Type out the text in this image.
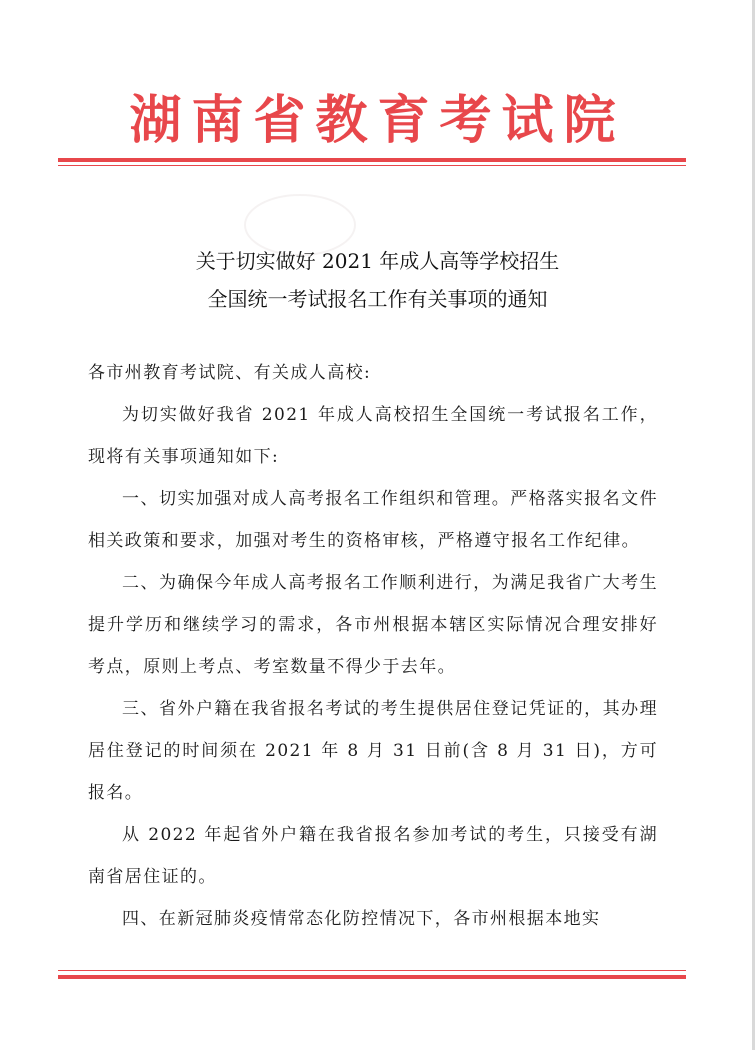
湖南省教育考试院
关于切实做好 2021 年成人高等学校招生
全国统一考试报名工作有关事项的通知

各市州教育考试院、有关成人高校:

为切实做好我省 2021 年成人高校招生全国统一考试报名工作，现将有关事项通知如下:

一、切实加强对成人高考报名工作组织和管理。严格落实报名文件相关政策和要求，加强对考生的资格审核，严格遵守报名工作纪律。

二、为确保今年成人高考报名工作顺利进行，为满足我省广大考生提升学历和继续学习的需求，各市州根据本辖区实际情况合理安排好考点，原则上考点、考室数量不得少于去年。

三、省外户籍在我省报名考试的考生提供居住登记凭证的，其办理居住登记的时间须在 2021 年 8 月 31 日前(含 8 月 31 日)，方可报名。

从 2022 年起省外户籍在我省报名参加考试的考生，只接受有湖南省居住证的。

四、在新冠肺炎疫情常态化防控情况下，各市州根据本地实
